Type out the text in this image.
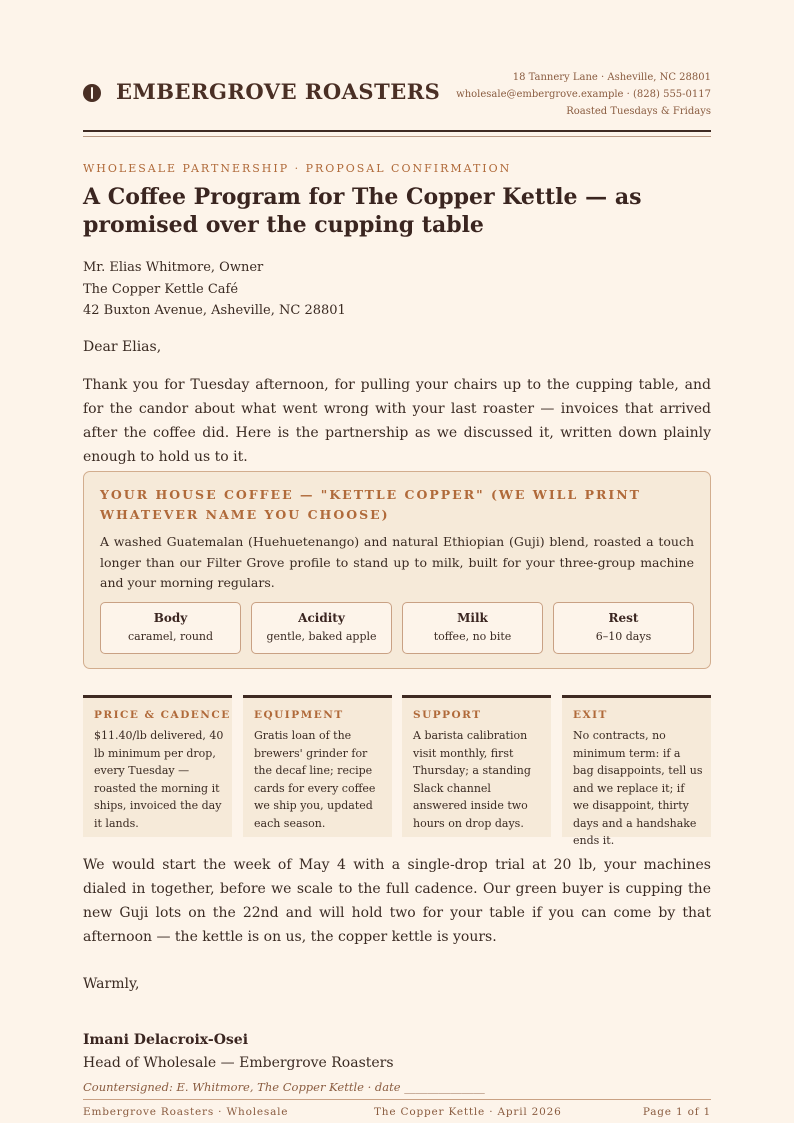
EMBERGROVE ROASTERS
18 Tannery Lane · Asheville, NC 28801
wholesale@embergrove.example · (828) 555-0117
Roasted Tuesdays & Fridays
WHOLESALE PARTNERSHIP · PROPOSAL CONFIRMATION
A Coffee Program for The Copper Kettle — as promised over the cupping table
Mr. Elias Whitmore, Owner
The Copper Kettle Café
42 Buxton Avenue, Asheville, NC 28801
Dear Elias,

Thank you for Tuesday afternoon, for pulling your chairs up to the cupping table, and for the candor about what went wrong with your last roaster — invoices that arrived after the coffee did. Here is the partnership as we discussed it, written down plainly enough to hold us to it.

YOUR HOUSE COFFEE — "KETTLE COPPER" (WE WILL PRINT WHATEVER NAME YOU CHOOSE)

A washed Guatemalan (Huehuetenango) and natural Ethiopian (Guji) blend, roasted a touch longer than our Filter Grove profile to stand up to milk, built for your three-group machine and your morning regulars.

Body
caramel, round
Acidity
gentle, baked apple
Milk
toffee, no bite
Rest
6–10 days
PRICE & CADENCE

$11.40/lb delivered, 40 lb minimum per drop, every Tuesday — roasted the morning it ships, invoiced the day it lands.

EQUIPMENT

Gratis loan of the brewers' grinder for the decaf line; recipe cards for every coffee we ship you, updated each season.

SUPPORT

A barista calibration visit monthly, first Thursday; a standing Slack channel answered inside two hours on drop days.

EXIT

No contracts, no minimum term: if a bag disappoints, tell us and we replace it; if we disappoint, thirty days and a handshake ends it.

We would start the week of May 4 with a single-drop trial at 20 lb, your machines dialed in together, before we scale to the full cadence. Our green buyer is cupping the new Guji lots on the 22nd and will hold two for your table if you can come by that afternoon — the kettle is on us, the copper kettle is yours.

Warmly,
Imani Delacroix-Osei
Head of Wholesale — Embergrove Roasters
Countersigned: E. Whitmore, The Copper Kettle · date ______________
Embergrove Roasters · Wholesale	The Copper Kettle · April 2026	Page 1 of 1
